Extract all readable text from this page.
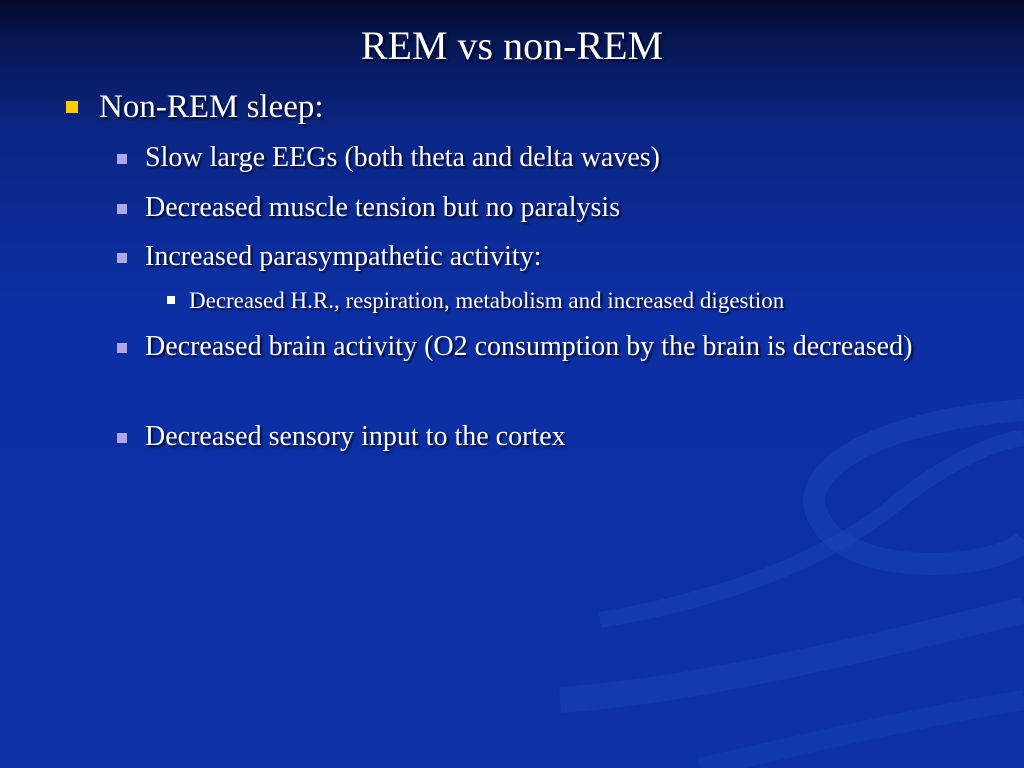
REM vs non-REM
Non-REM sleep:
Slow large EEGs (both theta and delta waves)
Decreased muscle tension but no paralysis
Increased parasympathetic activity:
Decreased H.R., respiration, metabolism and increased digestion
Decreased brain activity (O2 consumption by the brain is decreased)
Decreased sensory input to the cortex
